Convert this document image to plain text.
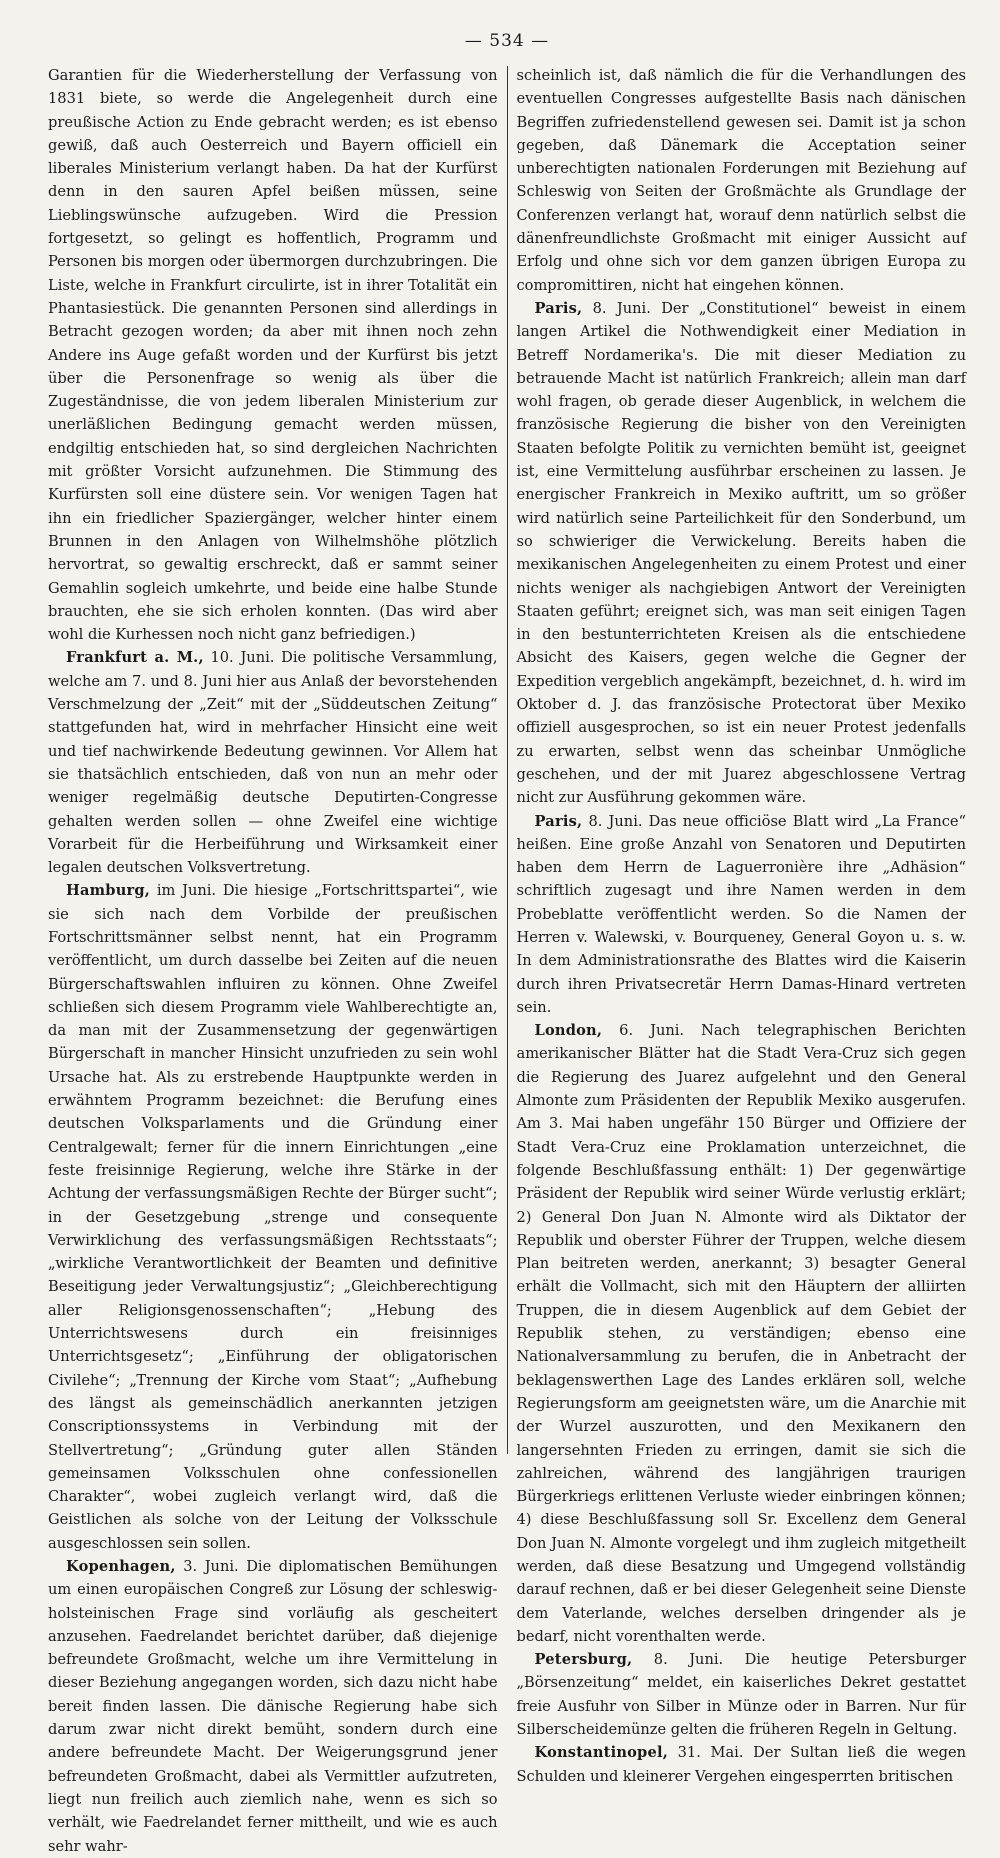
— 534 —

Garantien für die Wiederherstellung der Verfassung von 1831 biete, so werde die Angelegenheit durch eine preußische Action zu Ende gebracht werden; es ist ebenso gewiß, daß auch Oesterreich und Bayern officiell ein liberales Ministerium verlangt haben. Da hat der Kurfürst denn in den sauren Apfel beißen müssen, seine Lieblingswünsche aufzugeben. Wird die Pression fortgesetzt, so gelingt es hoffentlich, Programm und Personen bis morgen oder übermorgen durchzubringen. Die Liste, welche in Frankfurt circulirte, ist in ihrer Totalität ein Phantasiestück. Die genannten Personen sind allerdings in Betracht gezogen worden; da aber mit ihnen noch zehn Andere ins Auge gefaßt worden und der Kurfürst bis jetzt über die Personenfrage so wenig als über die Zugeständnisse, die von jedem liberalen Ministerium zur unerläßlichen Bedingung gemacht werden müssen, endgiltig entschieden hat, so sind dergleichen Nachrichten mit größter Vorsicht aufzunehmen. Die Stimmung des Kurfürsten soll eine düstere sein. Vor wenigen Tagen hat ihn ein friedlicher Spaziergänger, welcher hinter einem Brunnen in den Anlagen von Wilhelmshöhe plötzlich hervortrat, so gewaltig erschreckt, daß er sammt seiner Gemahlin sogleich umkehrte, und beide eine halbe Stunde brauchten, ehe sie sich erholen konnten. (Das wird aber wohl die Kurhessen noch nicht ganz befriedigen.)

Frankfurt a. M., 10. Juni. Die politische Versammlung, welche am 7. und 8. Juni hier aus Anlaß der bevorstehenden Verschmelzung der „Zeit“ mit der „Süddeutschen Zeitung“ stattgefunden hat, wird in mehrfacher Hinsicht eine weit und tief nachwirkende Bedeutung gewinnen. Vor Allem hat sie thatsächlich entschieden, daß von nun an mehr oder weniger regelmäßig deutsche Deputirten-Congresse gehalten werden sollen — ohne Zweifel eine wichtige Vorarbeit für die Herbeiführung und Wirksamkeit einer legalen deutschen Volksvertretung.

Hamburg, im Juni. Die hiesige „Fortschrittspartei“, wie sie sich nach dem Vorbilde der preußischen Fortschrittsmänner selbst nennt, hat ein Programm veröffentlicht, um durch dasselbe bei Zeiten auf die neuen Bürgerschaftswahlen influiren zu können. Ohne Zweifel schließen sich diesem Programm viele Wahlberechtigte an, da man mit der Zusammensetzung der gegenwärtigen Bürgerschaft in mancher Hinsicht unzufrieden zu sein wohl Ursache hat. Als zu erstrebende Hauptpunkte werden in erwähntem Programm bezeichnet: die Berufung eines deutschen Volksparlaments und die Gründung einer Centralgewalt; ferner für die innern Einrichtungen „eine feste freisinnige Regierung, welche ihre Stärke in der Achtung der verfassungsmäßigen Rechte der Bürger sucht“; in der Gesetzgebung „strenge und consequente Verwirklichung des verfassungsmäßigen Rechtsstaats“; „wirkliche Verantwortlichkeit der Beamten und definitive Beseitigung jeder Verwaltungsjustiz“; „Gleichberechtigung aller Religionsgenossenschaften“; „Hebung des Unterrichtswesens durch ein freisinniges Unterrichtsgesetz“; „Einführung der obligatorischen Civilehe“; „Trennung der Kirche vom Staat“; „Aufhebung des längst als gemeinschädlich anerkannten jetzigen Conscriptionssystems in Verbindung mit der Stellvertretung“; „Gründung guter allen Ständen gemeinsamen Volksschulen ohne confessionellen Charakter“, wobei zugleich verlangt wird, daß die Geistlichen als solche von der Leitung der Volksschule ausgeschlossen sein sollen.

Kopenhagen, 3. Juni. Die diplomatischen Bemühungen um einen europäischen Congreß zur Lösung der schleswig-holsteinischen Frage sind vorläufig als gescheitert anzusehen. Faedrelandet berichtet darüber, daß diejenige befreundete Großmacht, welche um ihre Vermittelung in dieser Beziehung angegangen worden, sich dazu nicht habe bereit finden lassen. Die dänische Regierung habe sich darum zwar nicht direkt bemüht, sondern durch eine andere befreundete Macht. Der Weigerungsgrund jener befreundeten Großmacht, dabei als Vermittler aufzutreten, liegt nun freilich auch ziemlich nahe, wenn es sich so verhält, wie Faedrelandet ferner mittheilt, und wie es auch sehr wahr-

scheinlich ist, daß nämlich die für die Verhandlungen des eventuellen Congresses aufgestellte Basis nach dänischen Begriffen zufriedenstellend gewesen sei. Damit ist ja schon gegeben, daß Dänemark die Acceptation seiner unberechtigten nationalen Forderungen mit Beziehung auf Schleswig von Seiten der Großmächte als Grundlage der Conferenzen verlangt hat, worauf denn natürlich selbst die dänenfreundlichste Großmacht mit einiger Aussicht auf Erfolg und ohne sich vor dem ganzen übrigen Europa zu compromittiren, nicht hat eingehen können.

Paris, 8. Juni. Der „Constitutionel“ beweist in einem langen Artikel die Nothwendigkeit einer Mediation in Betreff Nordamerika's. Die mit dieser Mediation zu betrauende Macht ist natürlich Frankreich; allein man darf wohl fragen, ob gerade dieser Augenblick, in welchem die französische Regierung die bisher von den Vereinigten Staaten befolgte Politik zu vernichten bemüht ist, geeignet ist, eine Vermittelung ausführbar erscheinen zu lassen. Je energischer Frankreich in Mexiko auftritt, um so größer wird natürlich seine Parteilichkeit für den Sonderbund, um so schwieriger die Verwickelung. Bereits haben die mexikanischen Angelegenheiten zu einem Protest und einer nichts weniger als nachgiebigen Antwort der Vereinigten Staaten geführt; ereignet sich, was man seit einigen Tagen in den bestunterrichteten Kreisen als die entschiedene Absicht des Kaisers, gegen welche die Gegner der Expedition vergeblich angekämpft, bezeichnet, d. h. wird im Oktober d. J. das französische Protectorat über Mexiko offiziell ausgesprochen, so ist ein neuer Protest jedenfalls zu erwarten, selbst wenn das scheinbar Unmögliche geschehen, und der mit Juarez abgeschlossene Vertrag nicht zur Ausführung gekommen wäre.

Paris, 8. Juni. Das neue officiöse Blatt wird „La France“ heißen. Eine große Anzahl von Senatoren und Deputirten haben dem Herrn de Laguerronière ihre „Adhäsion“ schriftlich zugesagt und ihre Namen werden in dem Probeblatte veröffentlicht werden. So die Namen der Herren v. Walewski, v. Bourqueney, General Goyon u. s. w. In dem Administrationsrathe des Blattes wird die Kaiserin durch ihren Privatsecretär Herrn Damas-Hinard vertreten sein.

London, 6. Juni. Nach telegraphischen Berichten amerikanischer Blätter hat die Stadt Vera-Cruz sich gegen die Regierung des Juarez aufgelehnt und den General Almonte zum Präsidenten der Republik Mexiko ausgerufen. Am 3. Mai haben ungefähr 150 Bürger und Offiziere der Stadt Vera-Cruz eine Proklamation unterzeichnet, die folgende Beschlußfassung enthält: 1) Der gegenwärtige Präsident der Republik wird seiner Würde verlustig erklärt; 2) General Don Juan N. Almonte wird als Diktator der Republik und oberster Führer der Truppen, welche diesem Plan beitreten werden, anerkannt; 3) besagter General erhält die Vollmacht, sich mit den Häuptern der alliirten Truppen, die in diesem Augenblick auf dem Gebiet der Republik stehen, zu verständigen; ebenso eine Nationalversammlung zu berufen, die in Anbetracht der beklagenswerthen Lage des Landes erklären soll, welche Regierungsform am geeignetsten wäre, um die Anarchie mit der Wurzel auszurotten, und den Mexikanern den langersehnten Frieden zu erringen, damit sie sich die zahlreichen, während des langjährigen traurigen Bürgerkriegs erlittenen Verluste wieder einbringen können; 4) diese Beschlußfassung soll Sr. Excellenz dem General Don Juan N. Almonte vorgelegt und ihm zugleich mitgetheilt werden, daß diese Besatzung und Umgegend vollständig darauf rechnen, daß er bei dieser Gelegenheit seine Dienste dem Vaterlande, welches derselben dringender als je bedarf, nicht vorenthalten werde.

Petersburg, 8. Juni. Die heutige Petersburger „Börsenzeitung“ meldet, ein kaiserliches Dekret gestattet freie Ausfuhr von Silber in Münze oder in Barren. Nur für Silberscheidemünze gelten die früheren Regeln in Geltung.

Konstantinopel, 31. Mai. Der Sultan ließ die wegen Schulden und kleinerer Vergehen eingesperrten britischen
